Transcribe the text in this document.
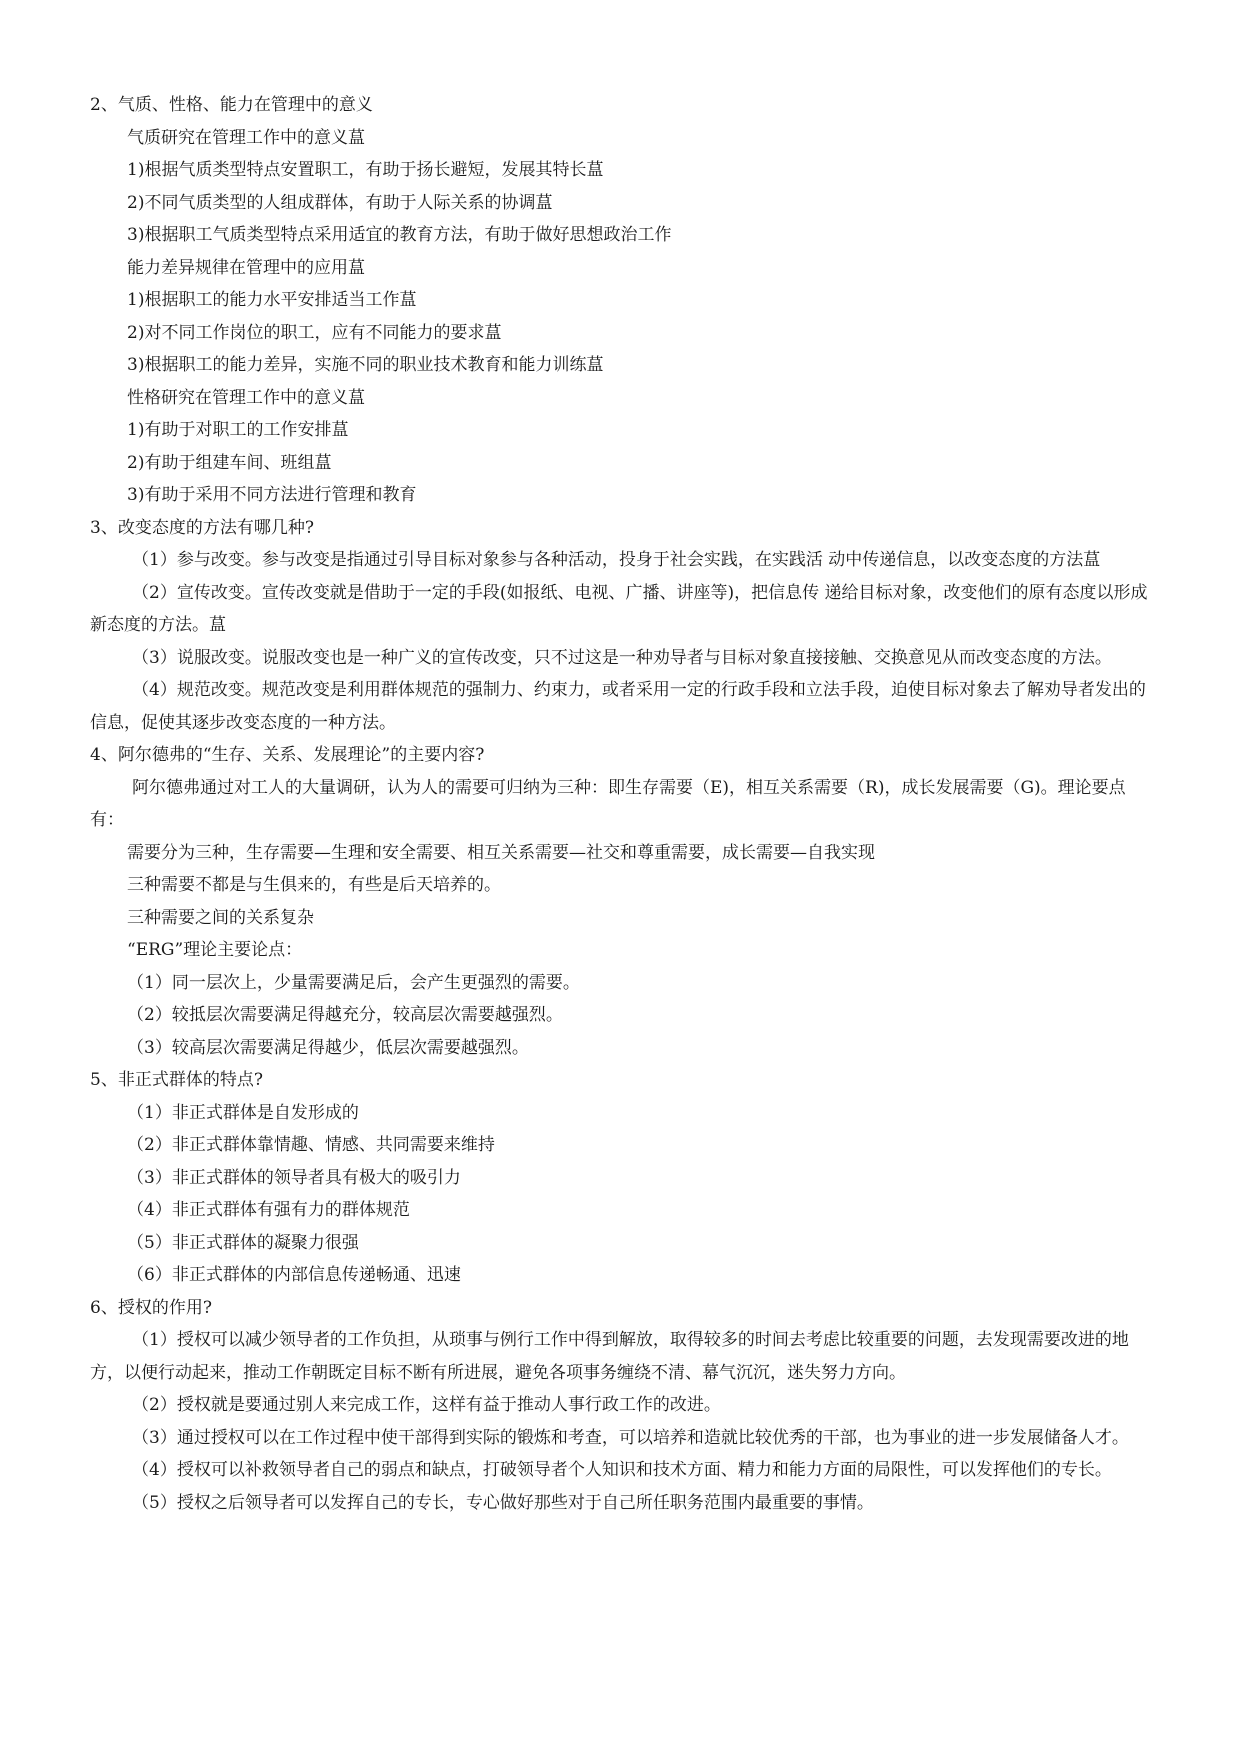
2、气质、性格、能力在管理中的意义

气质研究在管理工作中的意义蒀

1)根据气质类型特点安置职工，有助于扬长避短，发展其特长蒀

2)不同气质类型的人组成群体，有助于人际关系的协调蒀

3)根据职工气质类型特点采用适宜的教育方法，有助于做好思想政治工作

能力差异规律在管理中的应用蒀

1)根据职工的能力水平安排适当工作蒀

2)对不同工作岗位的职工，应有不同能力的要求蒀

3)根据职工的能力差异，实施不同的职业技术教育和能力训练蒀

性格研究在管理工作中的意义蒀

1)有助于对职工的工作安排蒀

2)有助于组建车间、班组蒀

3)有助于采用不同方法进行管理和教育

3、改变态度的方法有哪几种?

（1）参与改变。参与改变是指通过引导目标对象参与各种活动，投身于社会实践，在实践活 动中传递信息，以改变态度的方法蒀

（2）宣传改变。宣传改变就是借助于一定的手段(如报纸、电视、广播、讲座等)，把信息传 递给目标对象，改变他们的原有态度以形成新态度的方法。蒀

（3）说服改变。说服改变也是一种广义的宣传改变，只不过这是一种劝导者与目标对象直接接触、交换意见从而改变态度的方法。

（4）规范改变。规范改变是利用群体规范的强制力、约束力，或者采用一定的行政手段和立法手段，迫使目标对象去了解劝导者发出的信息，促使其逐步改变态度的一种方法。

4、阿尔德弗的“生存、关系、发展理论”的主要内容?

阿尔德弗通过对工人的大量调研，认为人的需要可归纳为三种：即生存需要（E)，相互关系需要（R)，成长发展需要（G)。理论要点有：

需要分为三种，生存需要—生理和安全需要、相互关系需要—社交和尊重需要，成长需要—自我实现

三种需要不都是与生俱来的，有些是后天培养的。

三种需要之间的关系复杂

“ERG”理论主要论点：

（1）同一层次上，少量需要满足后，会产生更强烈的需要。

（2）较抵层次需要满足得越充分，较高层次需要越强烈。

（3）较高层次需要满足得越少，低层次需要越强烈。

5、非正式群体的特点?

（1）非正式群体是自发形成的

（2）非正式群体靠情趣、情感、共同需要来维持

（3）非正式群体的领导者具有极大的吸引力

（4）非正式群体有强有力的群体规范

（5）非正式群体的凝聚力很强

（6）非正式群体的内部信息传递畅通、迅速

6、授权的作用?

（1）授权可以减少领导者的工作负担，从琐事与例行工作中得到解放，取得较多的时间去考虑比较重要的问题，去发现需要改进的地方，以便行动起来，推动工作朝既定目标不断有所进展，避免各项事务缠绕不清、幕气沉沉，迷失努力方向。

（2）授权就是要通过别人来完成工作，这样有益于推动人事行政工作的改进。

（3）通过授权可以在工作过程中使干部得到实际的锻炼和考查，可以培养和造就比较优秀的干部，也为事业的进一步发展储备人才。

（4）授权可以补救领导者自己的弱点和缺点，打破领导者个人知识和技术方面、精力和能力方面的局限性，可以发挥他们的专长。

（5）授权之后领导者可以发挥自己的专长，专心做好那些对于自己所任职务范围内最重要的事情。
